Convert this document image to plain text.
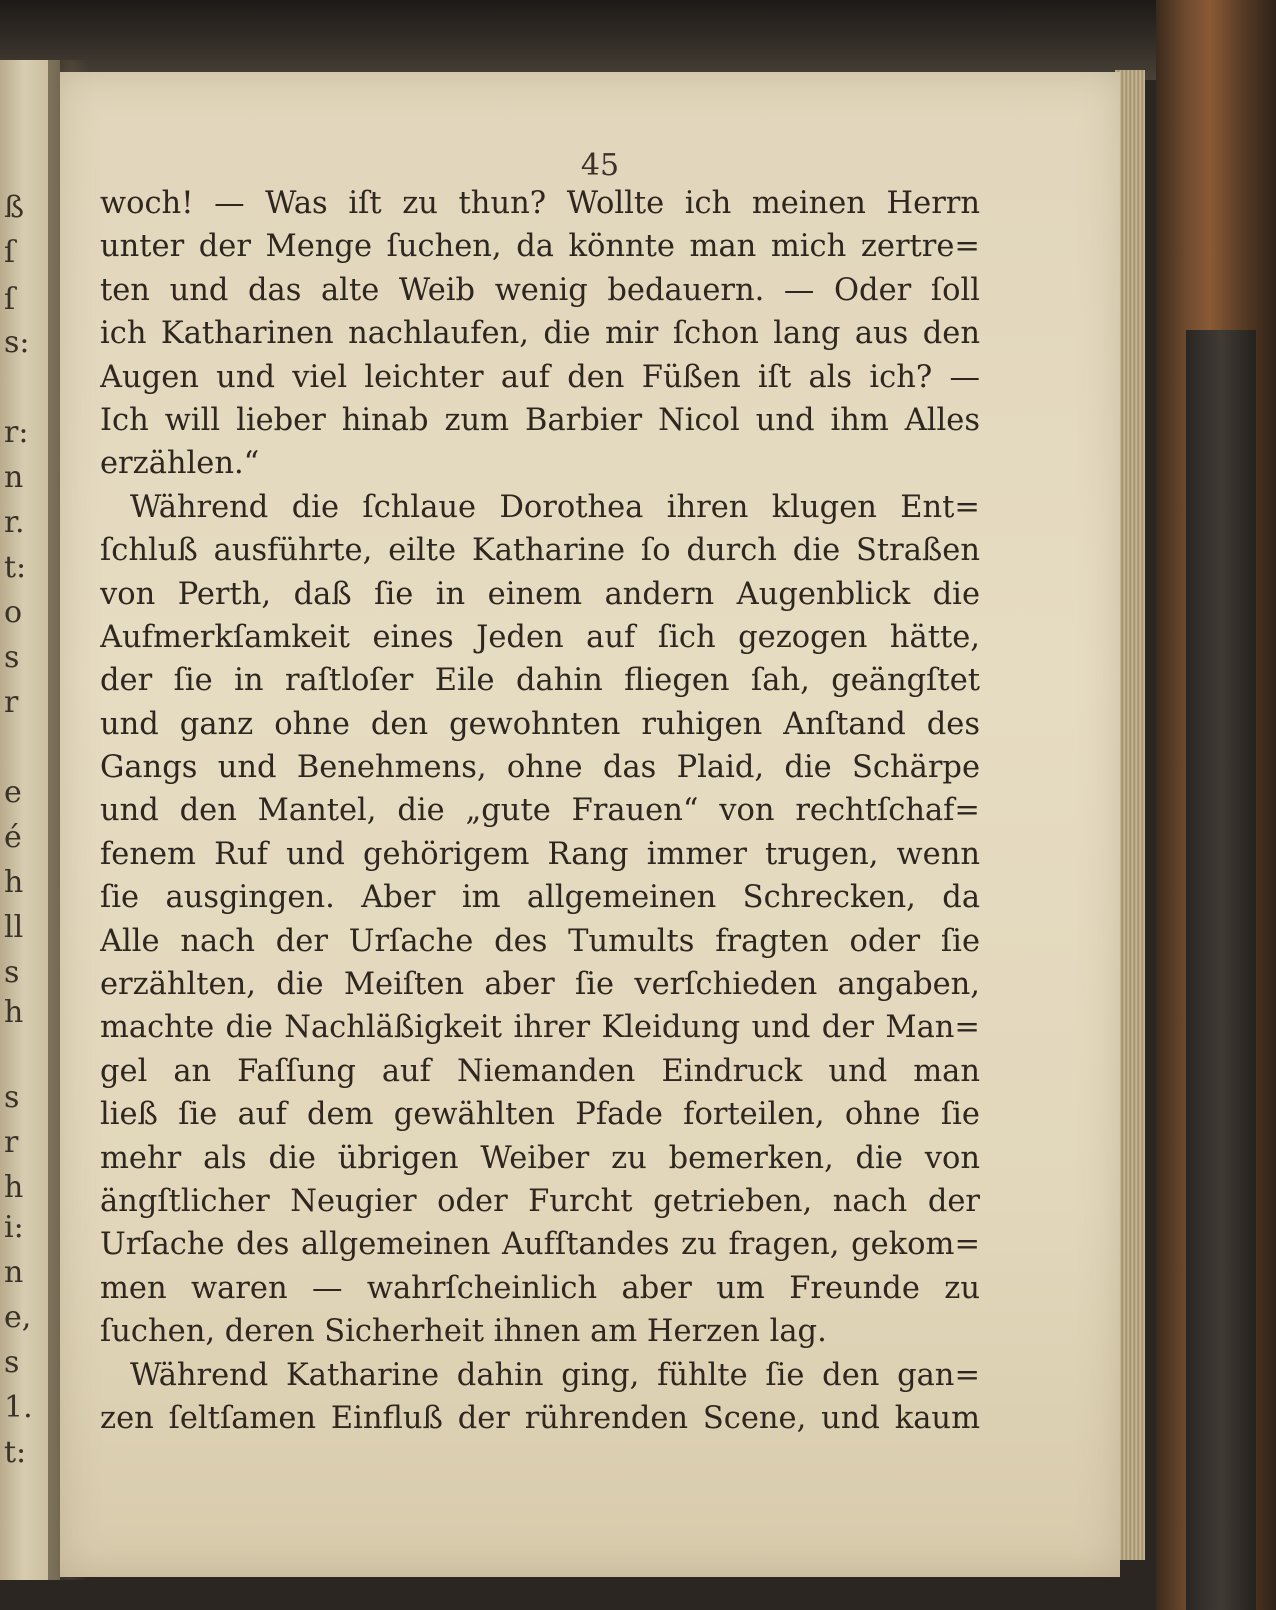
ß
ſ
ſ
s:
r:
n
r.
t:
o
s
r
e
é
h
ll
s
h
s
r
h
i:
n
e,
s
1.
t:
45
woch! — Was iſt zu thun? Wollte ich meinen Herrn
unter der Menge ſuchen, da könnte man mich zertre=
ten und das alte Weib wenig bedauern. — Oder ſoll
ich Katharinen nachlaufen, die mir ſchon lang aus den
Augen und viel leichter auf den Füßen iſt als ich? —
Ich will lieber hinab zum Barbier Nicol und ihm Alles
erzählen.“
Während die ſchlaue Dorothea ihren klugen Ent=
ſchluß ausführte, eilte Katharine ſo durch die Straßen
von Perth, daß ſie in einem andern Augenblick die
Aufmerkſamkeit eines Jeden auf ſich gezogen hätte,
der ſie in raſtloſer Eile dahin fliegen ſah, geängſtet
und ganz ohne den gewohnten ruhigen Anſtand des
Gangs und Benehmens, ohne das Plaid, die Schärpe
und den Mantel, die „gute Frauen“ von rechtſchaf=
fenem Ruf und gehörigem Rang immer trugen, wenn
ſie ausgingen. Aber im allgemeinen Schrecken, da
Alle nach der Urſache des Tumults fragten oder ſie
erzählten, die Meiſten aber ſie verſchieden angaben,
machte die Nachläßigkeit ihrer Kleidung und der Man=
gel an Faſſung auf Niemanden Eindruck und man
ließ ſie auf dem gewählten Pfade forteilen, ohne ſie
mehr als die übrigen Weiber zu bemerken, die von
ängſtlicher Neugier oder Furcht getrieben, nach der
Urſache des allgemeinen Aufſtandes zu fragen, gekom=
men waren — wahrſcheinlich aber um Freunde zu
ſuchen, deren Sicherheit ihnen am Herzen lag.
Während Katharine dahin ging, fühlte ſie den gan=
zen ſeltſamen Einfluß der rührenden Scene, und kaum
